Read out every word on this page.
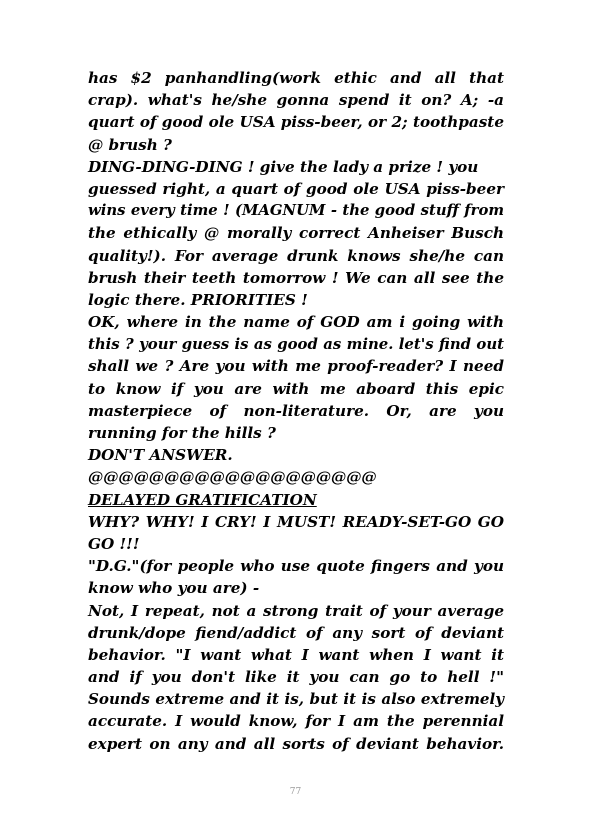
has $2 panhandling(work ethic and all that
crap). what's he/she gonna spend it on? A; -a
quart of good ole USA piss-beer, or 2; toothpaste
@ brush ?
DING-DING-DING ! give the lady a prize ! you
guessed right, a quart of good ole USA piss-beer
wins every time ! (MAGNUM - the good stuff from
the ethically @ morally correct Anheiser Busch
quality!). For average drunk knows she/he can
brush their teeth tomorrow ! We can all see the
logic there. PRIORITIES !
OK, where in the name of GOD am i going with
this ? your guess is as good as mine. let's find out
shall we ? Are you with me proof-reader? I need
to know if you are with me aboard this epic
masterpiece of non-literature. Or, are you
running for the hills ?
DON'T ANSWER.
@@@@@@@@@@@@@@@@@@@
DELAYED GRATIFICATION
WHY? WHY! I CRY! I MUST! READY-SET-GO GO
GO !!!
"D.G."(for people who use quote fingers and you
know who you are) -
Not, I repeat, not a strong trait of your average
drunk/dope fiend/addict of any sort of deviant
behavior. "I want what I want when I want it
and if you don't like it you can go to hell !"
Sounds extreme and it is, but it is also extremely
accurate. I would know, for I am the perennial
expert on any and all sorts of deviant behavior.
77
